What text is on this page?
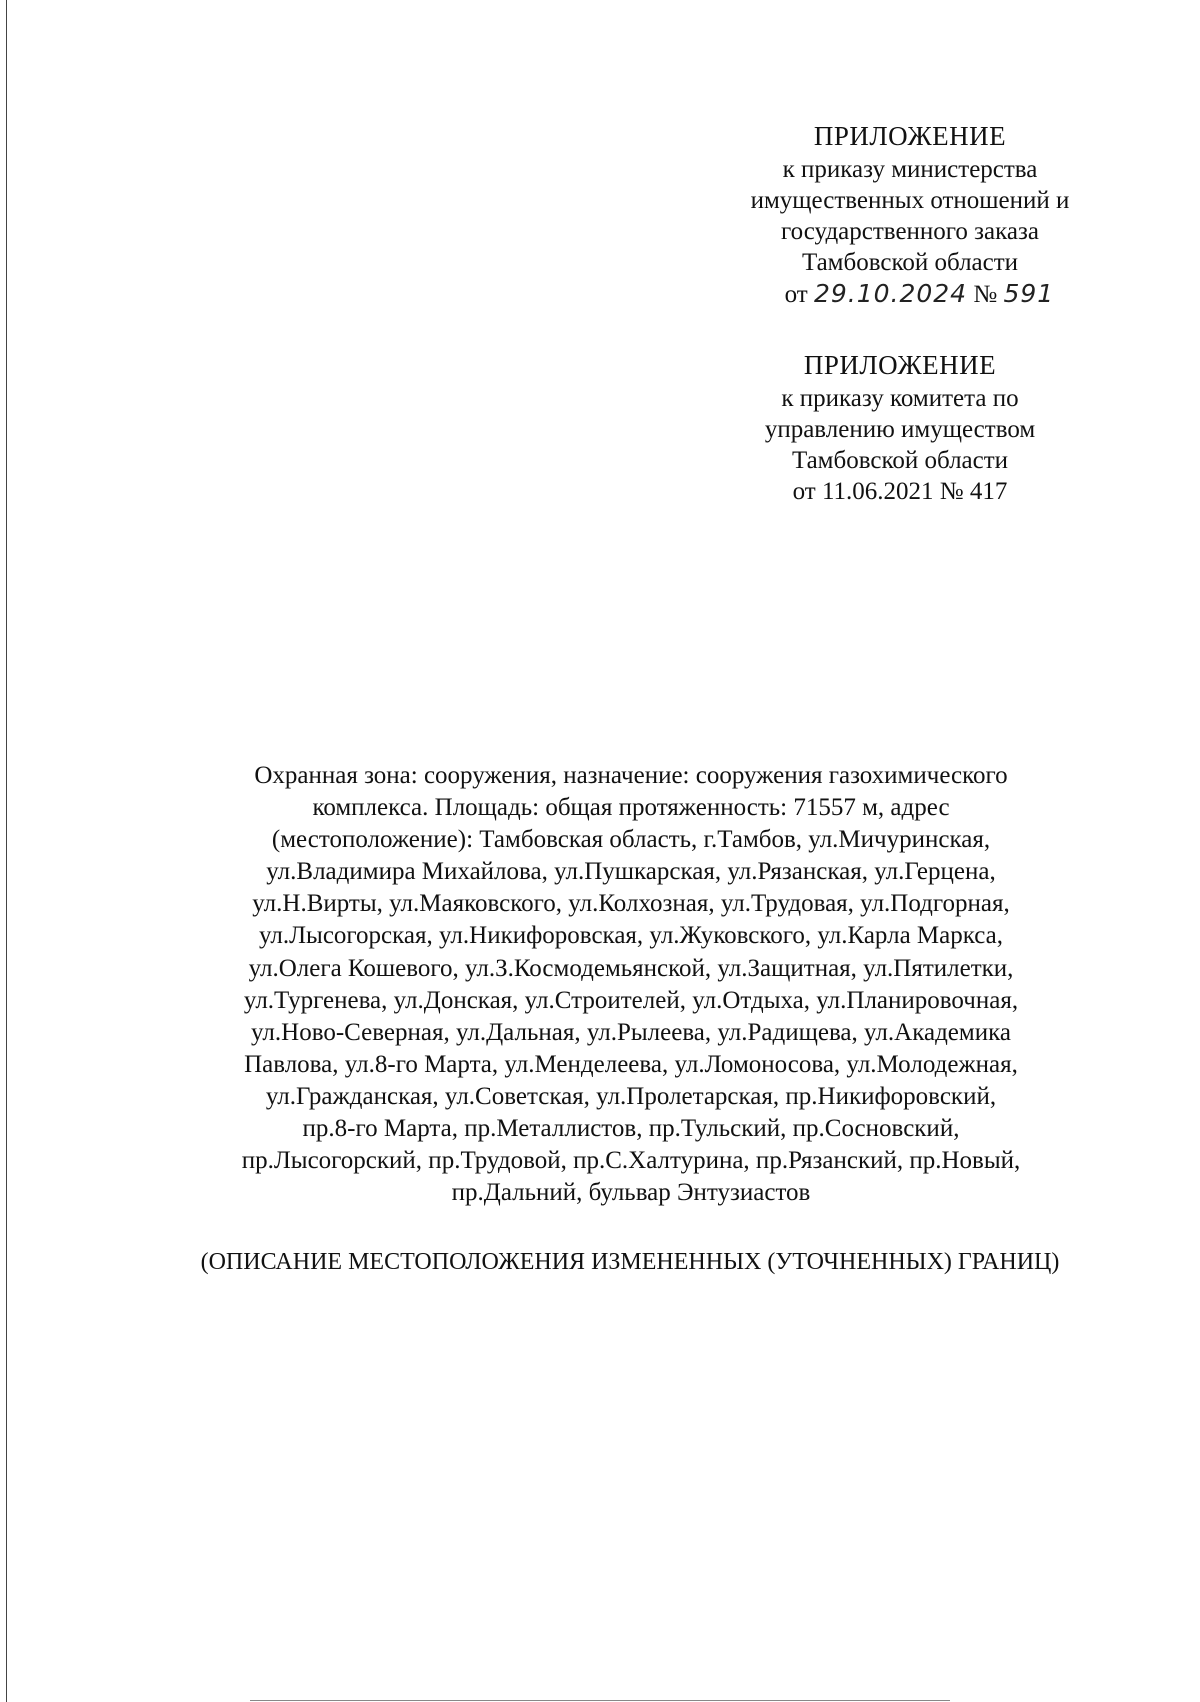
ПРИЛОЖЕНИЕ
к приказу министерства
имущественных отношений и
государственного заказа
Тамбовской области
от 29.10.2024 № 591
ПРИЛОЖЕНИЕ
к приказу комитета по
управлению имуществом
Тамбовской области
от 11.06.2021 № 417
Охранная зона: сооружения, назначение: сооружения газохимического
комплекса. Площадь: общая протяженность: 71557 м, адрес
(местоположение): Тамбовская область, г.Тамбов, ул.Мичуринская,
ул.Владимира Михайлова, ул.Пушкарская, ул.Рязанская, ул.Герцена,
ул.Н.Вирты, ул.Маяковского, ул.Колхозная, ул.Трудовая, ул.Подгорная,
ул.Лысогорская, ул.Никифоровская, ул.Жуковского, ул.Карла Маркса,
ул.Олега Кошевого, ул.З.Космодемьянской, ул.Защитная, ул.Пятилетки,
ул.Тургенева, ул.Донская, ул.Строителей, ул.Отдыха, ул.Планировочная,
ул.Ново-Северная, ул.Дальная, ул.Рылеева, ул.Радищева, ул.Академика
Павлова, ул.8-го Марта, ул.Менделеева, ул.Ломоносова, ул.Молодежная,
ул.Гражданская, ул.Советская, ул.Пролетарская, пр.Никифоровский,
пр.8-го Марта, пр.Металлистов, пр.Тульский, пр.Сосновский,
пр.Лысогорский, пр.Трудовой, пр.С.Халтурина, пр.Рязанский, пр.Новый,
пр.Дальний, бульвар Энтузиастов
(ОПИСАНИЕ МЕСТОПОЛОЖЕНИЯ ИЗМЕНЕННЫХ (УТОЧНЕННЫХ) ГРАНИЦ)
